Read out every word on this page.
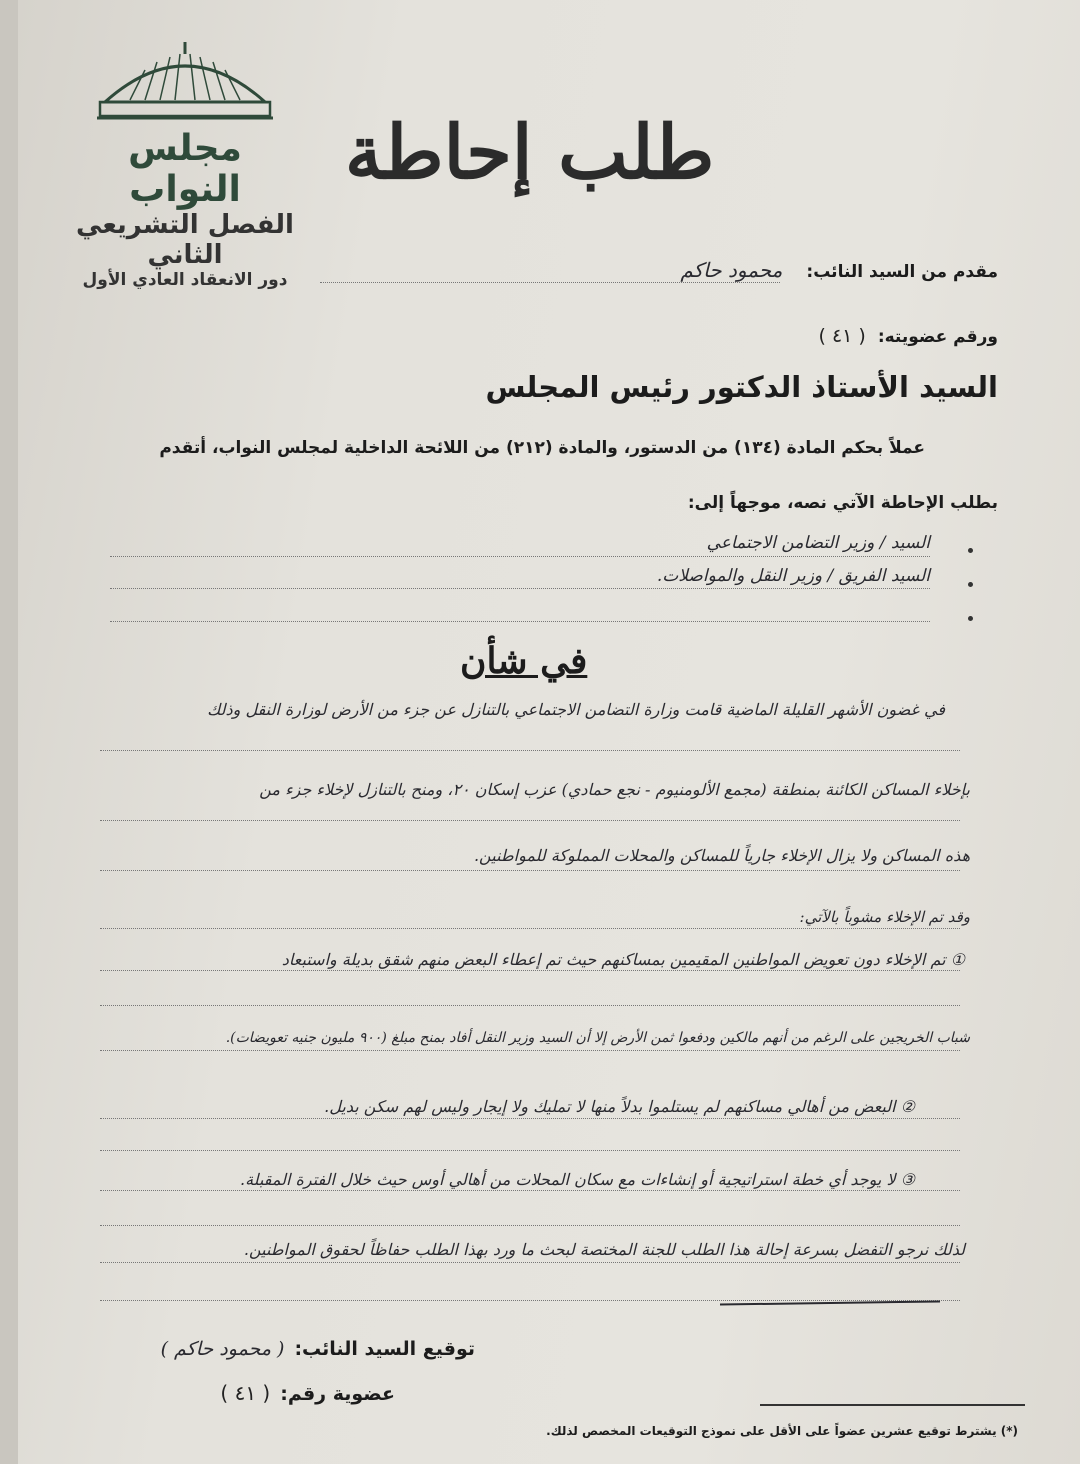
مجلس النواب
الفصل التشريعي الثاني
دور الانعقاد العادي الأول
طلب إحاطة
مقدم من السيد النائب:
محمود حاكم
ورقم عضويته:
( ٤١ )
السيد الأستاذ الدكتور رئيس المجلس
عملاً بحكم المادة (١٣٤) من الدستور، والمادة (٢١٢) من اللائحة الداخلية لمجلس النواب، أتقدم
بطلب الإحاطة الآتي نصه، موجهاً إلى:
السيد / وزير التضامن الاجتماعي
السيد الفريق / وزير النقل والمواصلات.
في شأن
في غضون الأشهر القليلة الماضية قامت وزارة التضامن الاجتماعي بالتنازل عن جزء من الأرض لوزارة النقل وذلك
بإخلاء المساكن الكائنة بمنطقة (مجمع الألومنيوم - نجع حمادي) عزب إسكان ٢٠، ومنح بالتنازل لإخلاء جزء من
هذه المساكن ولا يزال الإخلاء جارياً للمساكن والمحلات المملوكة للمواطنين.
وقد تم الإخلاء مشوباً بالآتي:
① تم الإخلاء دون تعويض المواطنين المقيمين بمساكنهم حيث تم إعطاء البعض منهم شقق بديلة واستبعاد
شباب الخريجين على الرغم من أنهم مالكين ودفعوا ثمن الأرض إلا أن السيد وزير النقل أفاد بمنح مبلغ (٩٠٠ مليون جنيه تعويضات).
② البعض من أهالي مساكنهم لم يستلموا بدلاً منها لا تمليك ولا إيجار وليس لهم سكن بديل.
③ لا يوجد أي خطة استراتيجية أو إنشاءات مع سكان المحلات من أهالي أوس حيث خلال الفترة المقبلة.
لذلك نرجو التفضل بسرعة إحالة هذا الطلب للجنة المختصة لبحث ما ورد بهذا الطلب حفاظاً لحقوق المواطنين.
توقيع السيد النائب:
( محمود حاكم )
عضوية رقم:
( ٤١ )
(*) يشترط توقيع عشرين عضواً على الأقل على نموذج التوقيعات المخصص لذلك.
